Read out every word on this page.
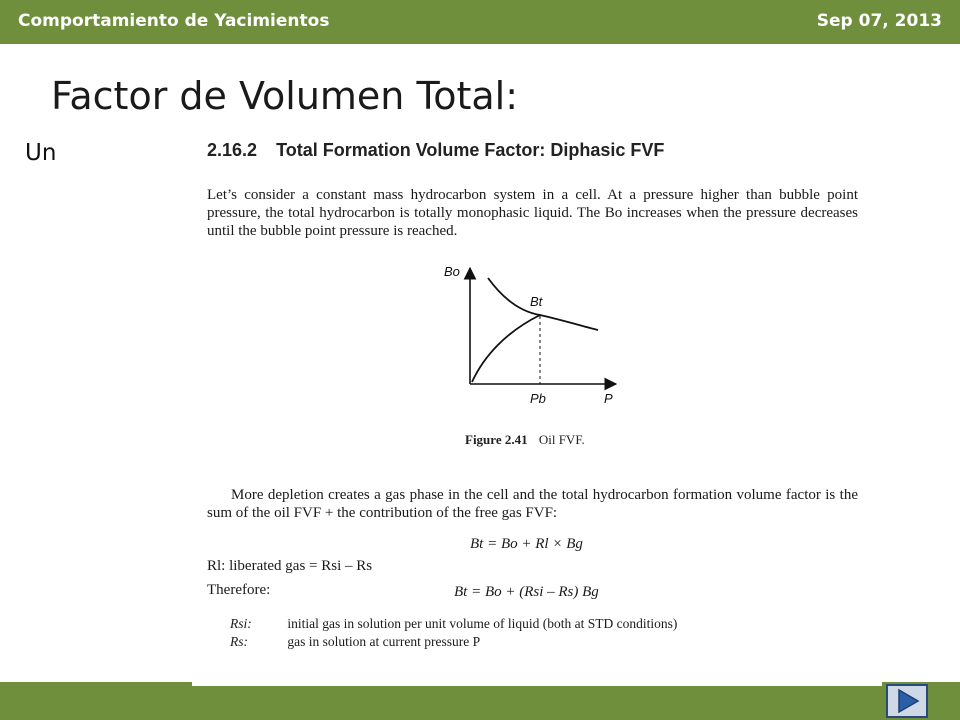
Comportamiento de Yacimientos	Sep 07, 2013
Factor de Volumen Total:
Un	2.16.2 Total Formation Volume Factor: Diphasic FVF
Let’s consider a constant mass hydrocarbon system in a cell. At a pressure higher than bubble point pressure, the total hydrocarbon is totally monophasic liquid. The Bo increases when the pressure decreases until the bubble point pressure is reached.
Bo
Bt
Pb	P
Figure 2.41 Oil FVF.
More depletion creates a gas phase in the cell and the total hydrocarbon formation volume factor is the sum of the oil FVF + the contribution of the free gas FVF:
Bt = Bo + Rl × Bg
Rl: liberated gas = Rsi – Rs
Therefore:	Bt = Bo + (Rsi – Rs) Bg
Rsi:	initial gas in solution per unit volume of liquid (both at STD conditions)
Rs:	gas in solution at current pressure P
